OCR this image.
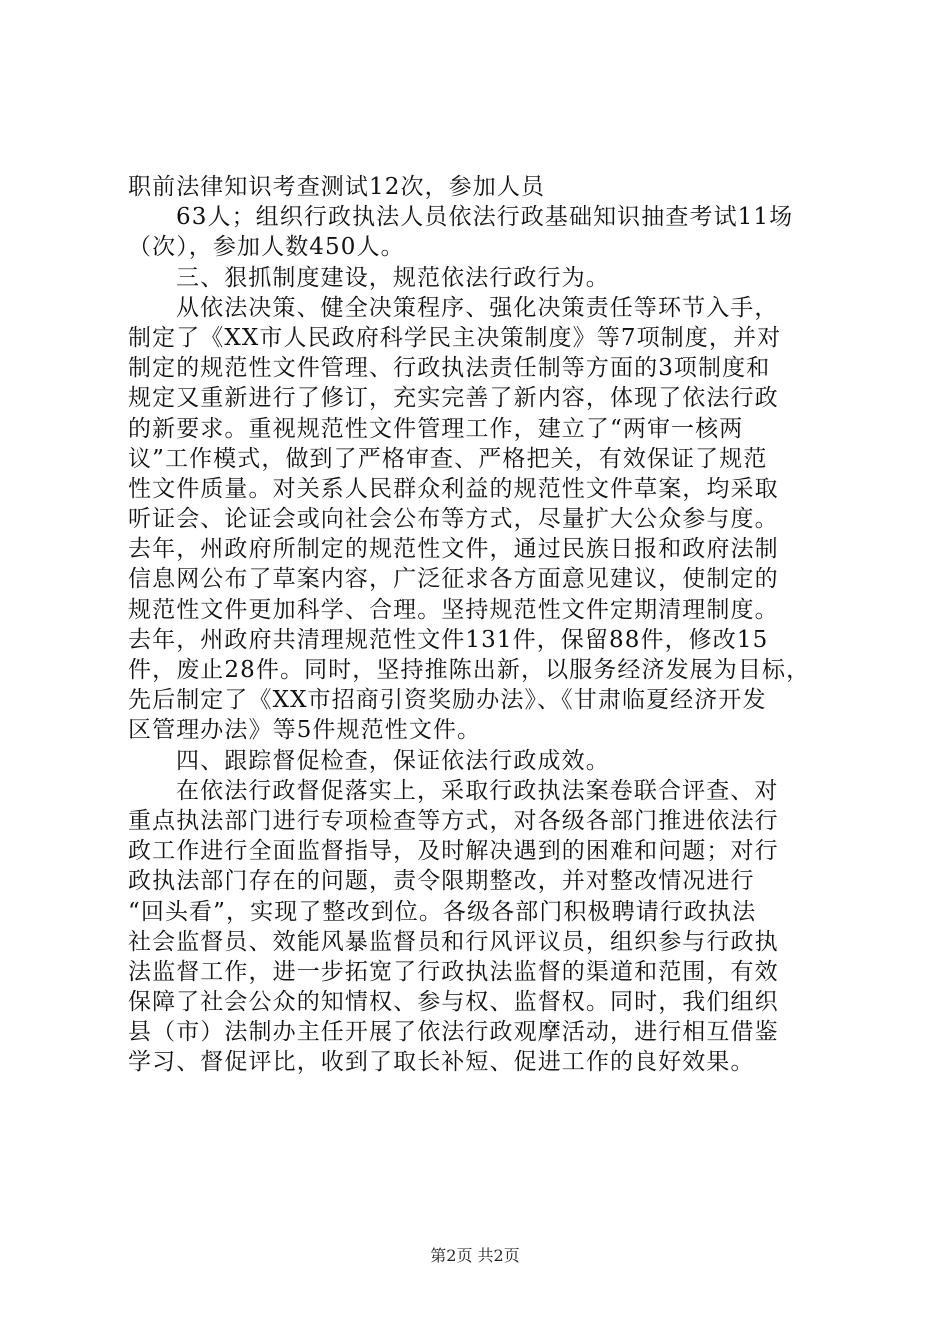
职前法律知识考查测试12次，参加人员
63人；组织行政执法人员依法行政基础知识抽查考试11场
（次），参加人数450人。
三、狠抓制度建设，规范依法行政行为。
从依法决策、健全决策程序、强化决策责任等环节入手，
制定了《XX市人民政府科学民主决策制度》等7项制度，并对
制定的规范性文件管理、行政执法责任制等方面的3项制度和
规定又重新进行了修订，充实完善了新内容，体现了依法行政
的新要求。重视规范性文件管理工作，建立了“两审一核两
议”工作模式，做到了严格审查、严格把关，有效保证了规范
性文件质量。对关系人民群众利益的规范性文件草案，均采取
听证会、论证会或向社会公布等方式，尽量扩大公众参与度。
去年，州政府所制定的规范性文件，通过民族日报和政府法制
信息网公布了草案内容，广泛征求各方面意见建议，使制定的
规范性文件更加科学、合理。坚持规范性文件定期清理制度。
去年，州政府共清理规范性文件131件，保留88件，修改15
件，废止28件。同时，坚持推陈出新，以服务经济发展为目标，
先后制定了《XX市招商引资奖励办法》、《甘肃临夏经济开发
区管理办法》等5件规范性文件。
四、跟踪督促检查，保证依法行政成效。
在依法行政督促落实上，采取行政执法案卷联合评查、对
重点执法部门进行专项检查等方式，对各级各部门推进依法行
政工作进行全面监督指导，及时解决遇到的困难和问题；对行
政执法部门存在的问题，责令限期整改，并对整改情况进行
“回头看”，实现了整改到位。各级各部门积极聘请行政执法
社会监督员、效能风暴监督员和行风评议员，组织参与行政执
法监督工作，进一步拓宽了行政执法监督的渠道和范围，有效
保障了社会公众的知情权、参与权、监督权。同时，我们组织
县（市）法制办主任开展了依法行政观摩活动，进行相互借鉴
学习、督促评比，收到了取长补短、促进工作的良好效果。
第2页 共2页
